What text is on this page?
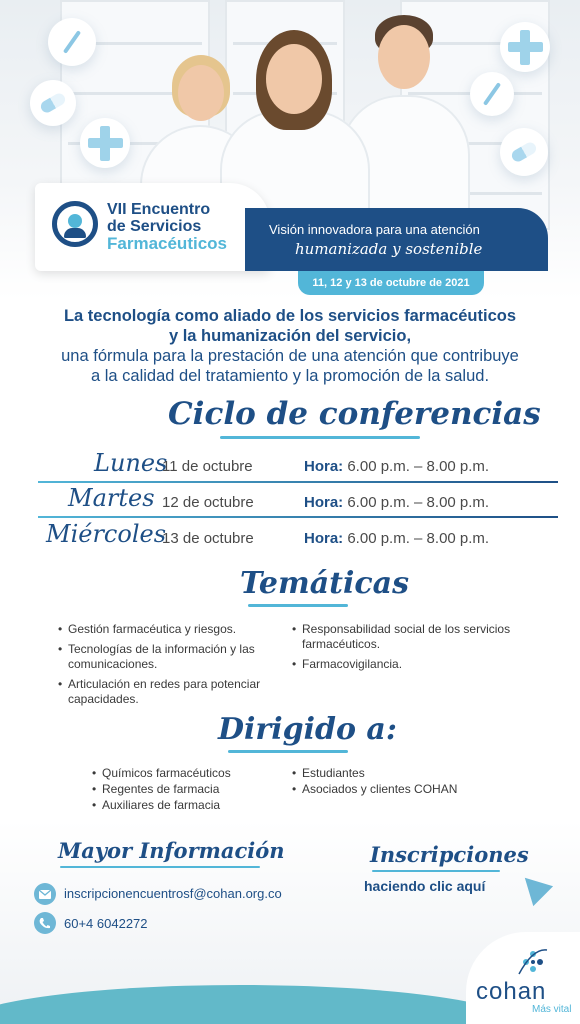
VII Encuentro
de Servicios
Farmacéuticos
Visión innovadora para una atención
humanizada y sostenible
11, 12 y 13 de octubre de 2021
La tecnología como aliado de los servicios farmacéuticos
y la humanización del servicio,
una fórmula para la prestación de una atención que contribuye
a la calidad del tratamiento y la promoción de la salud.
Ciclo de conferencias
Lunes
11 de octubre	Hora: 6.00 p.m. – 8.00 p.m.
Martes 12 de octubre	Hora: 6.00 p.m. – 8.00 p.m.
Miércoles
13 de octubre	Hora: 6.00 p.m. – 8.00 p.m.
Temáticas
• Gestión farmacéutica y riesgos.
• Tecnologías de la información y las comunicaciones.
• Articulación en redes para potenciar capacidades.
• Responsabilidad social de los servicios farmacéuticos.
• Farmacovigilancia.
Dirigido a:
• Químicos farmacéuticos
• Regentes de farmacia
• Auxiliares de farmacia
• Estudiantes
• Asociados y clientes COHAN
Mayor Información
inscripcionencuentrosf@cohan.org.co
60+4 6042272
Inscripciones
haciendo clic aquí
cohan
Más vital
